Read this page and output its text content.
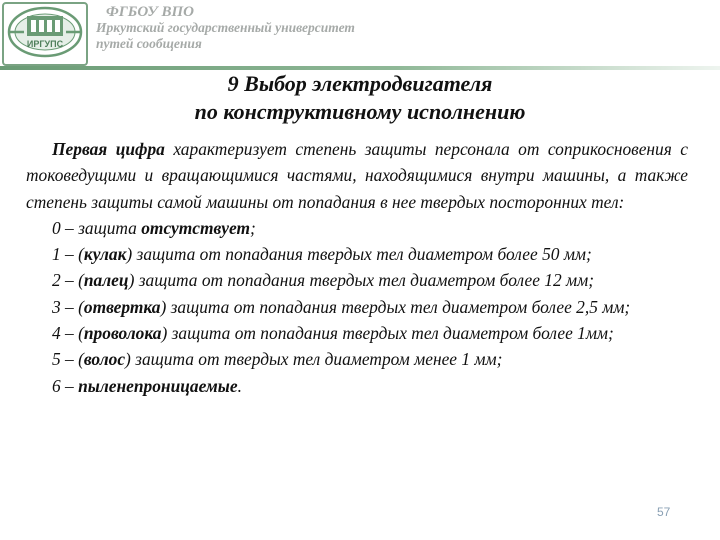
ИРГУПС
ФГБОУ ВПО
Иркутский государственный университет
путей сообщения
9 Выбор электродвигателя
по конструктивному исполнению

Первая цифра характеризует степень защиты персонала от соприкосновения с токоведущими и вращающимися частями, находящимися внутри машины, а также степень защиты самой машины от попадания в нее твердых посторонних тел:

0 – защита отсутствует;

1 – (кулак) защита от попадания твердых тел диаметром более 50 мм;

2 – (палец) защита от попадания твердых тел диаметром более 12 мм;

3 – (отвертка) защита от попадания твердых тел диаметром более 2,5 мм;

4 – (проволока) защита от попадания твердых тел диаметром более 1мм;

5 – (волос) защита от твердых тел диаметром менее 1 мм;

6 – пыленепроницаемые.

57
